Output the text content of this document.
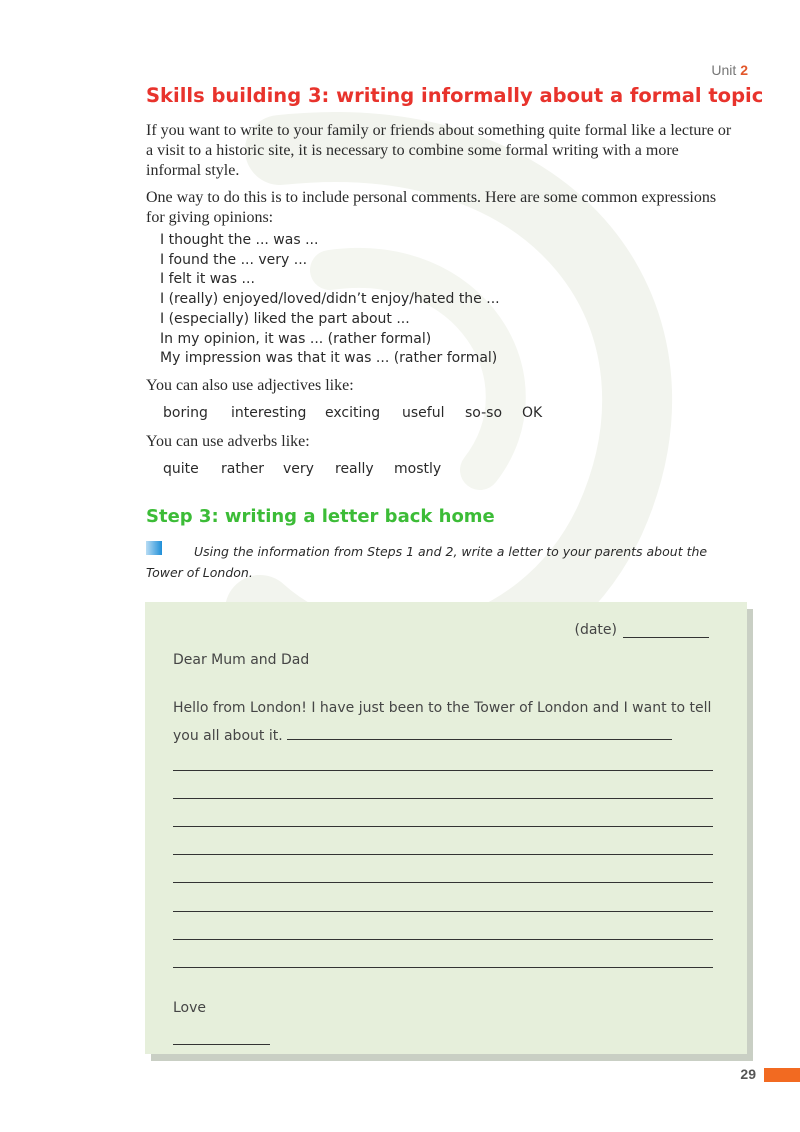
Unit 2
Skills building 3: writing informally about a formal topic

If you want to write to your family or friends about something quite formal like a lecture or a visit to a historic site, it is necessary to combine some formal writing with a more informal style.

One way to do this is to include personal comments. Here are some common expressions for giving opinions:

I thought the ... was ...
I found the ... very ...
I felt it was ...
I (really) enjoyed/loved/didn’t enjoy/hated the ...
I (especially) liked the part about ...
In my opinion, it was ... (rather formal)
My impression was that it was ... (rather formal)

You can also use adjectives like:

boring interesting exciting useful so-so OK

You can use adverbs like:

quite rather very really mostly
Step 3: writing a letter back home

Using the information from Steps 1 and 2, write a letter to your parents about the Tower of London.

(date)
Dear Mum and Dad

Hello from London! I have just been to the Tower of London and I want to tell you all about it.

Love
29
